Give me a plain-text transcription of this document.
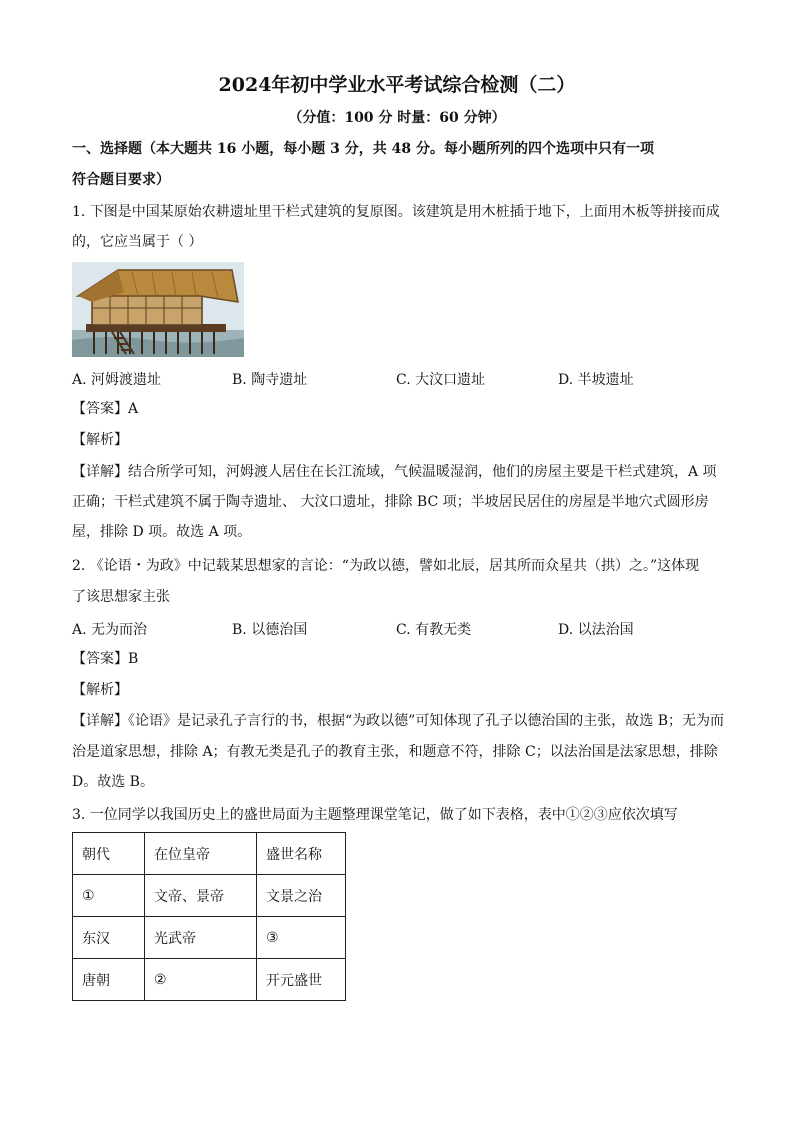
2024年初中学业水平考试综合检测（二）
（分值：100 分 时量：60 分钟）
一、选择题（本大题共 16 小题，每小题 3 分，共 48 分。每小题所列的四个选项中只有一项
符合题目要求）
1. 下图是中国某原始农耕遗址里干栏式建筑的复原图。该建筑是用木桩插于地下，上面用木板等拼接而成
的，它应当属于（ ）
A. 河姆渡遗址	B. 陶寺遗址	C. 大汶口遗址	D. 半坡遗址
【答案】A
【解析】
【详解】结合所学可知，河姆渡人居住在长江流域，气候温暖湿润，他们的房屋主要是干栏式建筑，A 项
正确；干栏式建筑不属于陶寺遗址、 大汶口遗址，排除 BC 项；半坡居民居住的房屋是半地穴式圆形房
屋，排除 D 项。故选 A 项。
2. 《论语・为政》中记载某思想家的言论：“为政以德，譬如北辰，居其所而众星共（拱）之。”这体现
了该思想家主张
A. 无为而治	B. 以德治国	C. 有教无类	D. 以法治国
【答案】B
【解析】
【详解】《论语》是记录孔子言行的书，根据“为政以德”可知体现了孔子以德治国的主张，故选 B；无为而
治是道家思想，排除 A；有教无类是孔子的教育主张，和题意不符，排除 C；以法治国是法家思想，排除
D。故选 B。
3. 一位同学以我国历史上的盛世局面为主题整理课堂笔记，做了如下表格，表中①②③应依次填写
朝代	在位皇帝	盛世名称
①	文帝、景帝	文景之治
东汉	光武帝	③
唐朝	②	开元盛世
